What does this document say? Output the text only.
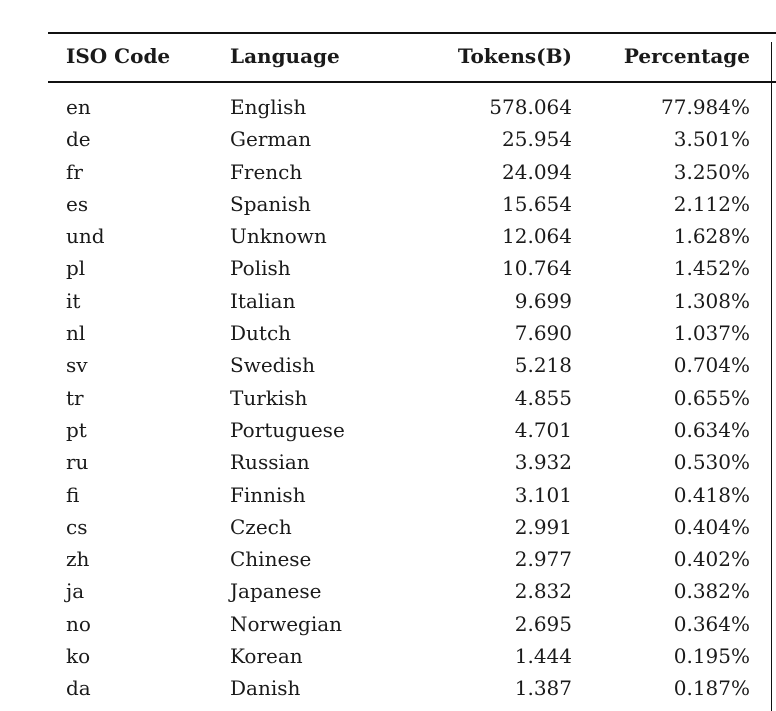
ISO Code	Language	Tokens(B)	Percentage
en	English	578.064	77.984%
de	German	25.954	3.501%
fr	French	24.094	3.250%
es	Spanish	15.654	2.112%
und	Unknown	12.064	1.628%
pl	Polish	10.764	1.452%
it	Italian	9.699	1.308%
nl	Dutch	7.690	1.037%
sv	Swedish	5.218	0.704%
tr	Turkish	4.855	0.655%
pt	Portuguese	4.701	0.634%
ru	Russian	3.932	0.530%
fi	Finnish	3.101	0.418%
cs	Czech	2.991	0.404%
zh	Chinese	2.977	0.402%
ja	Japanese	2.832	0.382%
no	Norwegian	2.695	0.364%
ko	Korean	1.444	0.195%
da	Danish	1.387	0.187%
